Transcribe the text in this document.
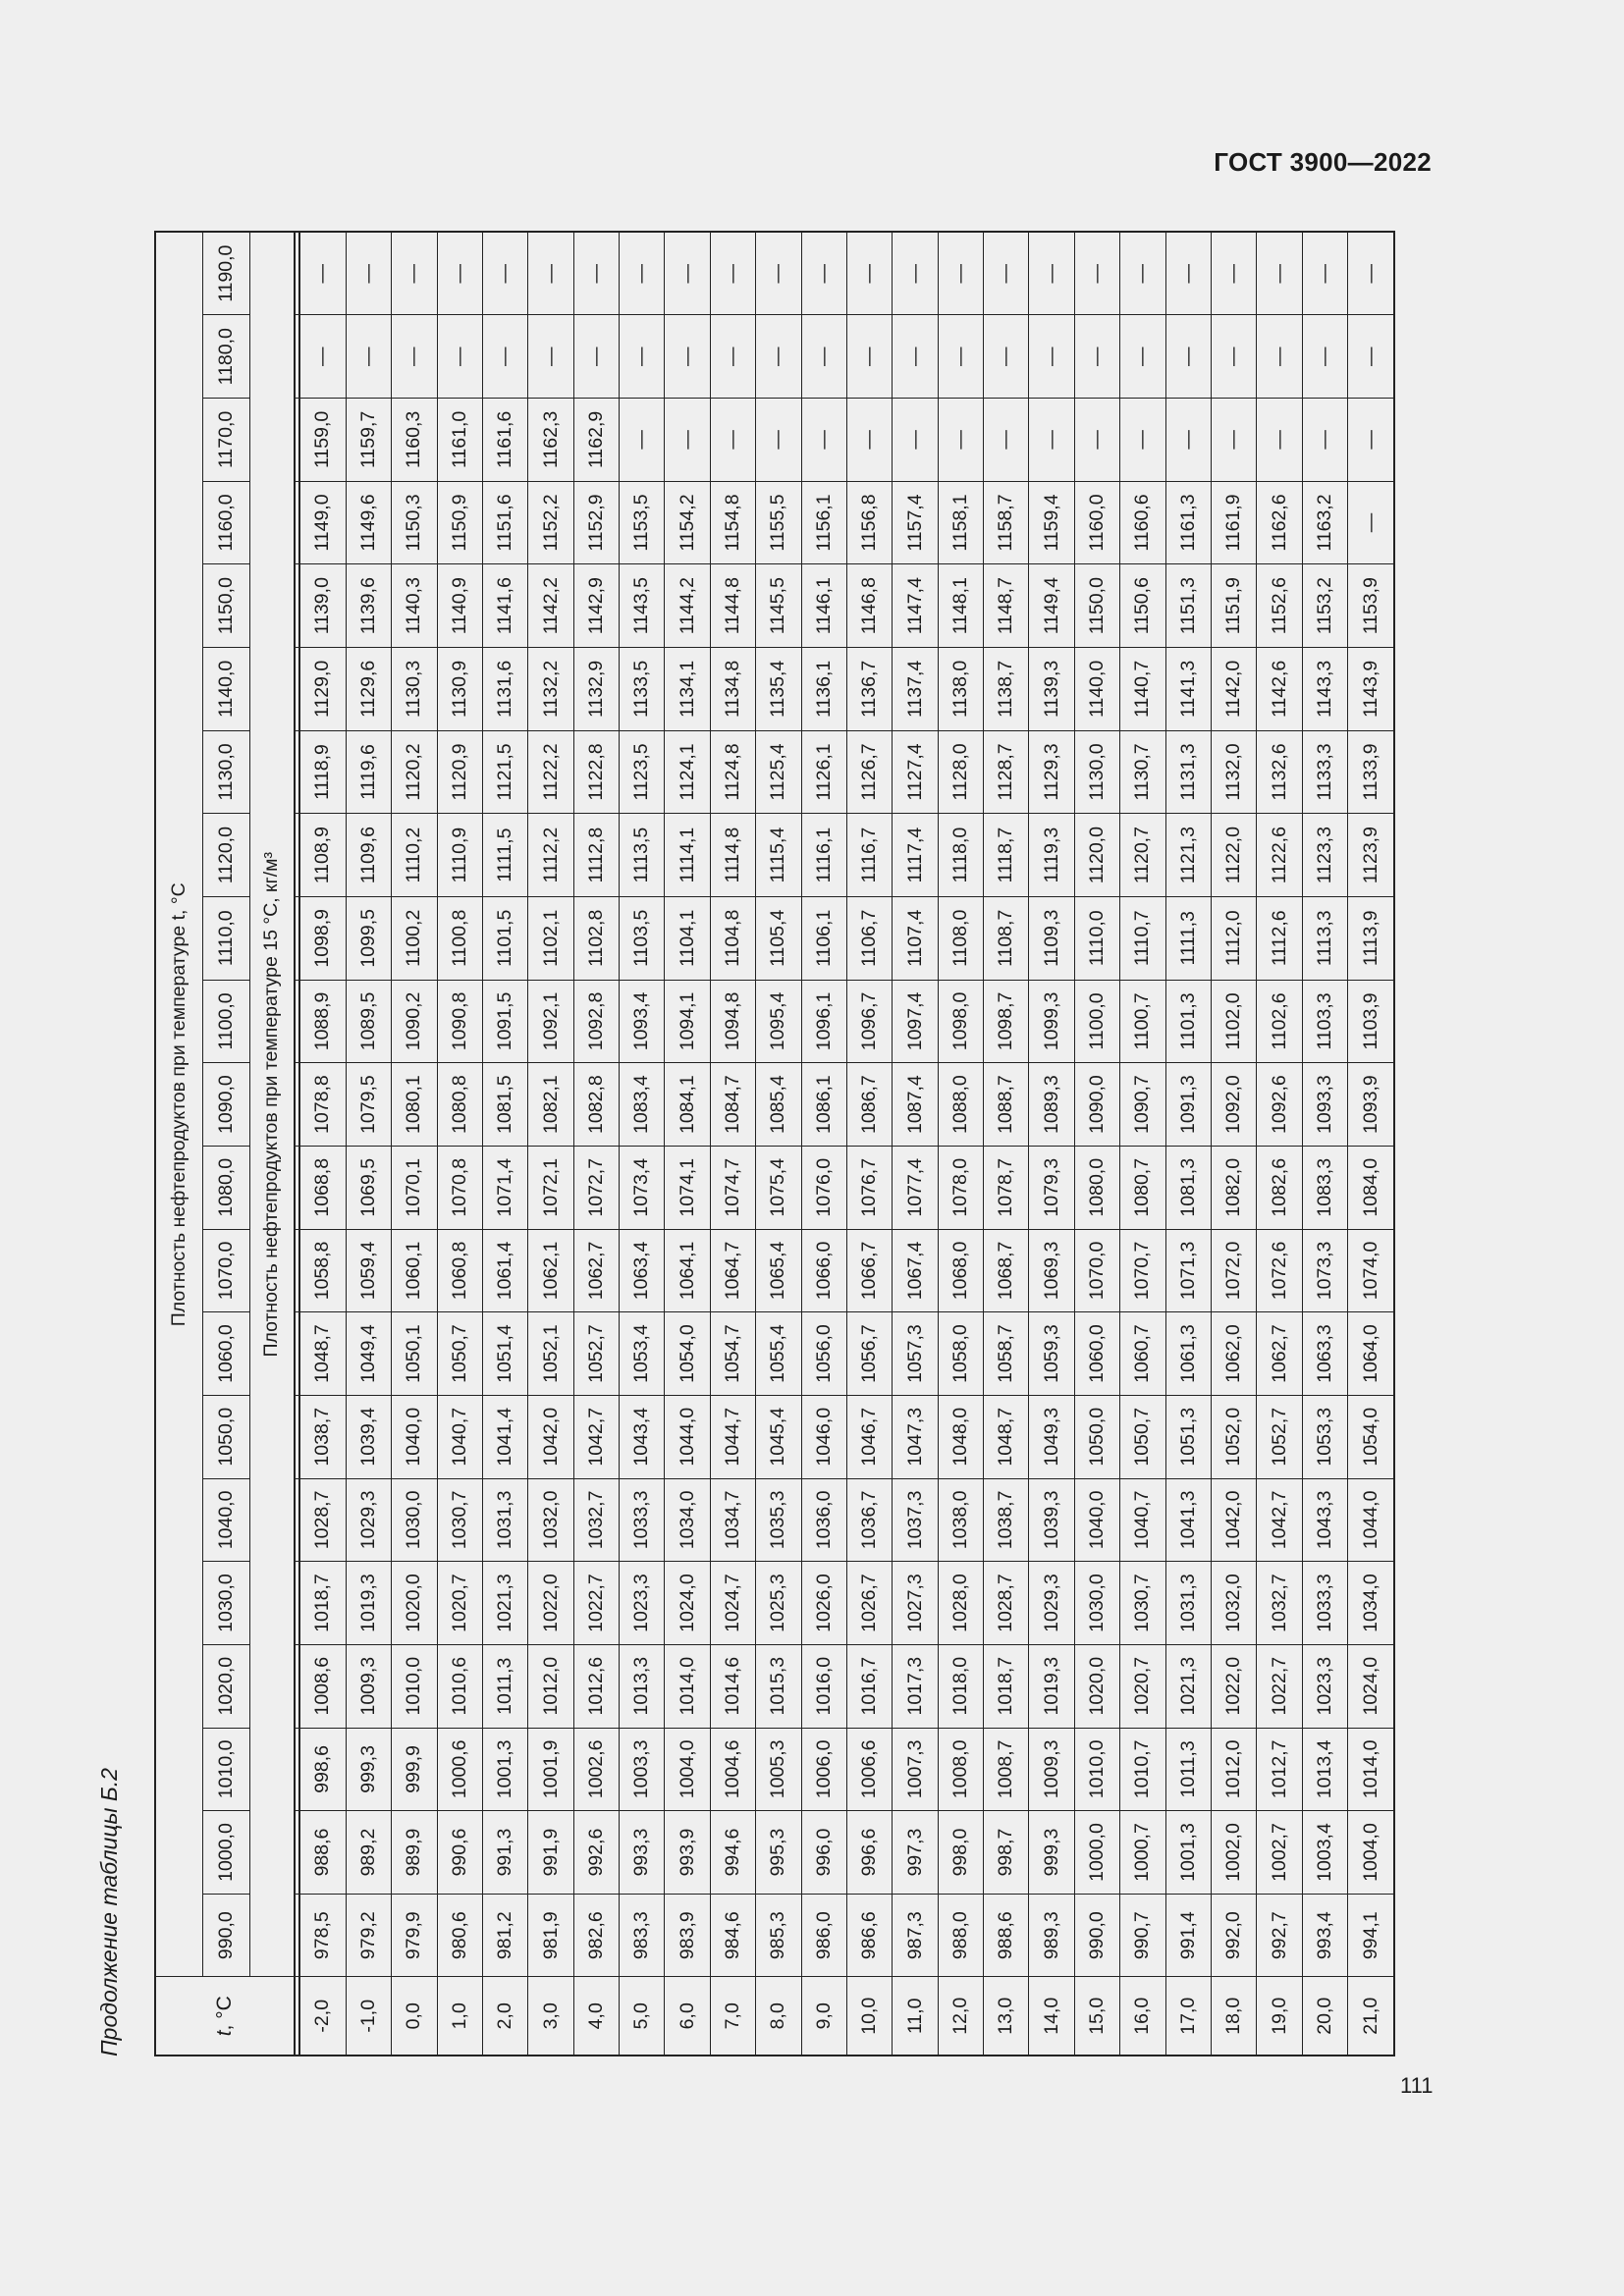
ГОСТ 3900—2022
Продолжение таблицы Б.2
111
t, °С	Плотность нефтепродуктов при температуре t, °С																				
	990,0	1000,0	1010,0	1020,0	1030,0	1040,0	1050,0	1060,0	1070,0	1080,0	1090,0	1100,0	1110,0	1120,0	1130,0	1140,0	1150,0	1160,0	1170,0	1180,0	1190,0
	Плотность нефтепродуктов при температуре 15 °С, кг/м³																				

-2,0	978,5	988,6	998,6	1008,6	1018,7	1028,7	1038,7	1048,7	1058,8	1068,8	1078,8	1088,9	1098,9	1108,9	1118,9	1129,0	1139,0	1149,0	1159,0	—	—
-1,0	979,2	989,2	999,3	1009,3	1019,3	1029,3	1039,4	1049,4	1059,4	1069,5	1079,5	1089,5	1099,5	1109,6	1119,6	1129,6	1139,6	1149,6	1159,7	—	—
0,0	979,9	989,9	999,9	1010,0	1020,0	1030,0	1040,0	1050,1	1060,1	1070,1	1080,1	1090,2	1100,2	1110,2	1120,2	1130,3	1140,3	1150,3	1160,3	—	—
1,0	980,6	990,6	1000,6	1010,6	1020,7	1030,7	1040,7	1050,7	1060,8	1070,8	1080,8	1090,8	1100,8	1110,9	1120,9	1130,9	1140,9	1150,9	1161,0	—	—
2,0	981,2	991,3	1001,3	1011,3	1021,3	1031,3	1041,4	1051,4	1061,4	1071,4	1081,5	1091,5	1101,5	1111,5	1121,5	1131,6	1141,6	1151,6	1161,6	—	—
3,0	981,9	991,9	1001,9	1012,0	1022,0	1032,0	1042,0	1052,1	1062,1	1072,1	1082,1	1092,1	1102,1	1112,2	1122,2	1132,2	1142,2	1152,2	1162,3	—	—
4,0	982,6	992,6	1002,6	1012,6	1022,7	1032,7	1042,7	1052,7	1062,7	1072,7	1082,8	1092,8	1102,8	1112,8	1122,8	1132,9	1142,9	1152,9	1162,9	—	—
5,0	983,3	993,3	1003,3	1013,3	1023,3	1033,3	1043,4	1053,4	1063,4	1073,4	1083,4	1093,4	1103,5	1113,5	1123,5	1133,5	1143,5	1153,5	—	—	—
6,0	983,9	993,9	1004,0	1014,0	1024,0	1034,0	1044,0	1054,0	1064,1	1074,1	1084,1	1094,1	1104,1	1114,1	1124,1	1134,1	1144,2	1154,2	—	—	—
7,0	984,6	994,6	1004,6	1014,6	1024,7	1034,7	1044,7	1054,7	1064,7	1074,7	1084,7	1094,8	1104,8	1114,8	1124,8	1134,8	1144,8	1154,8	—	—	—
8,0	985,3	995,3	1005,3	1015,3	1025,3	1035,3	1045,4	1055,4	1065,4	1075,4	1085,4	1095,4	1105,4	1115,4	1125,4	1135,4	1145,5	1155,5	—	—	—
9,0	986,0	996,0	1006,0	1016,0	1026,0	1036,0	1046,0	1056,0	1066,0	1076,0	1086,1	1096,1	1106,1	1116,1	1126,1	1136,1	1146,1	1156,1	—	—	—
10,0	986,6	996,6	1006,6	1016,7	1026,7	1036,7	1046,7	1056,7	1066,7	1076,7	1086,7	1096,7	1106,7	1116,7	1126,7	1136,7	1146,8	1156,8	—	—	—
11,0	987,3	997,3	1007,3	1017,3	1027,3	1037,3	1047,3	1057,3	1067,4	1077,4	1087,4	1097,4	1107,4	1117,4	1127,4	1137,4	1147,4	1157,4	—	—	—
12,0	988,0	998,0	1008,0	1018,0	1028,0	1038,0	1048,0	1058,0	1068,0	1078,0	1088,0	1098,0	1108,0	1118,0	1128,0	1138,0	1148,1	1158,1	—	—	—
13,0	988,6	998,7	1008,7	1018,7	1028,7	1038,7	1048,7	1058,7	1068,7	1078,7	1088,7	1098,7	1108,7	1118,7	1128,7	1138,7	1148,7	1158,7	—	—	—
14,0	989,3	999,3	1009,3	1019,3	1029,3	1039,3	1049,3	1059,3	1069,3	1079,3	1089,3	1099,3	1109,3	1119,3	1129,3	1139,3	1149,4	1159,4	—	—	—
15,0	990,0	1000,0	1010,0	1020,0	1030,0	1040,0	1050,0	1060,0	1070,0	1080,0	1090,0	1100,0	1110,0	1120,0	1130,0	1140,0	1150,0	1160,0	—	—	—
16,0	990,7	1000,7	1010,7	1020,7	1030,7	1040,7	1050,7	1060,7	1070,7	1080,7	1090,7	1100,7	1110,7	1120,7	1130,7	1140,7	1150,6	1160,6	—	—	—
17,0	991,4	1001,3	1011,3	1021,3	1031,3	1041,3	1051,3	1061,3	1071,3	1081,3	1091,3	1101,3	1111,3	1121,3	1131,3	1141,3	1151,3	1161,3	—	—	—
18,0	992,0	1002,0	1012,0	1022,0	1032,0	1042,0	1052,0	1062,0	1072,0	1082,0	1092,0	1102,0	1112,0	1122,0	1132,0	1142,0	1151,9	1161,9	—	—	—
19,0	992,7	1002,7	1012,7	1022,7	1032,7	1042,7	1052,7	1062,7	1072,6	1082,6	1092,6	1102,6	1112,6	1122,6	1132,6	1142,6	1152,6	1162,6	—	—	—
20,0	993,4	1003,4	1013,4	1023,3	1033,3	1043,3	1053,3	1063,3	1073,3	1083,3	1093,3	1103,3	1113,3	1123,3	1133,3	1143,3	1153,2	1163,2	—	—	—
21,0	994,1	1004,0	1014,0	1024,0	1034,0	1044,0	1054,0	1064,0	1074,0	1084,0	1093,9	1103,9	1113,9	1123,9	1133,9	1143,9	1153,9	—	—	—	—
